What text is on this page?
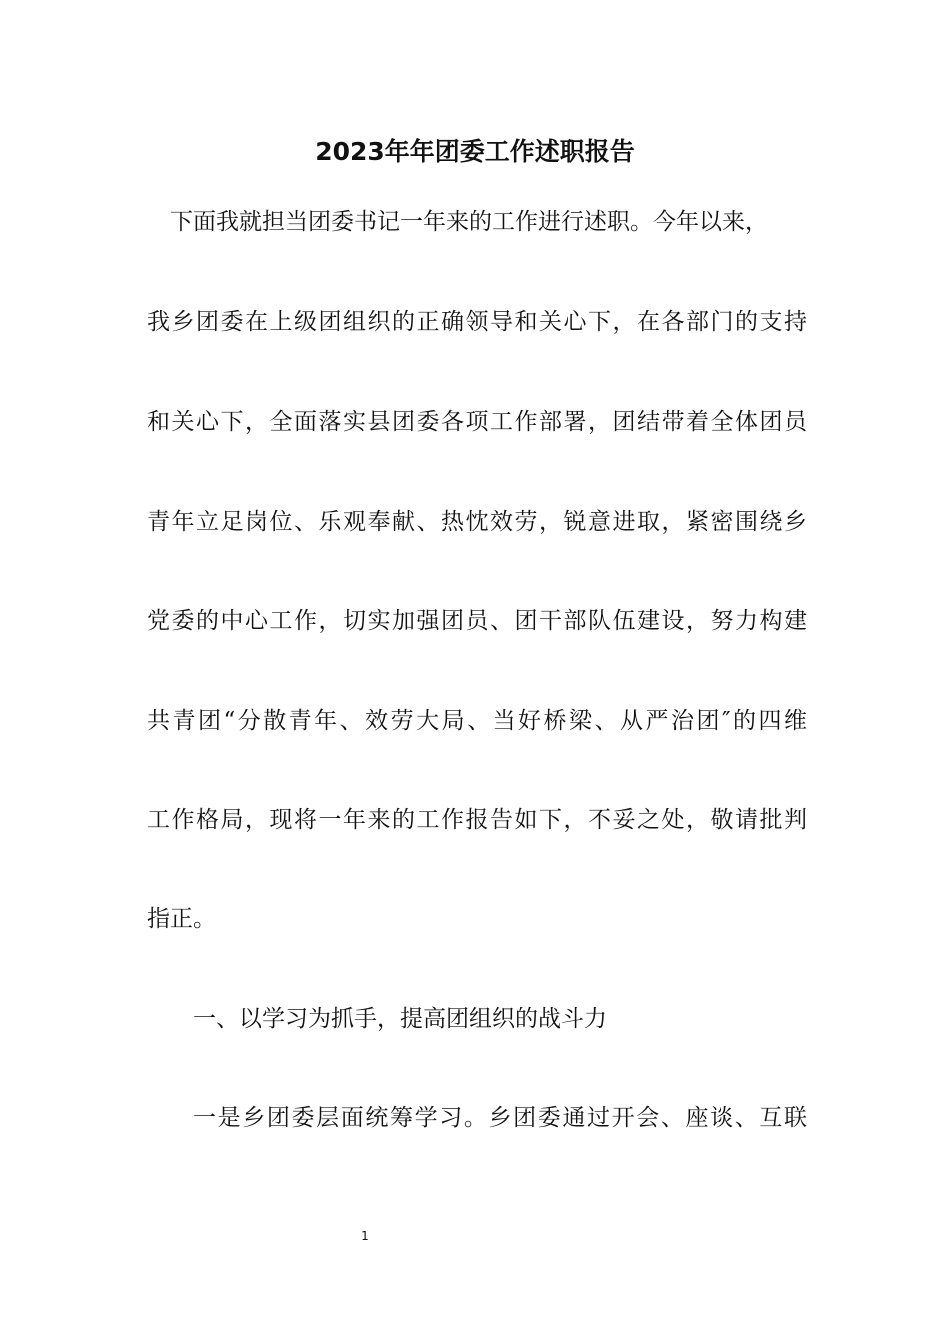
2023年年团委工作述职报告
下面我就担当团委书记一年来的工作进行述职。今年以来，
我乡团委在上级团组织的正确领导和关心下，在各部门的支持
和关心下，全面落实县团委各项工作部署，团结带着全体团员
青年立足岗位、乐观奉献、热忱效劳，锐意进取，紧密围绕乡
党委的中心工作，切实加强团员、团干部队伍建设，努力构建
共青团“分散青年、效劳大局、当好桥梁、从严治团″的四维
工作格局，现将一年来的工作报告如下，不妥之处，敬请批判
指正。
一、以学习为抓手，提高团组织的战斗力
一是乡团委层面统筹学习。乡团委通过开会、座谈、互联
1
